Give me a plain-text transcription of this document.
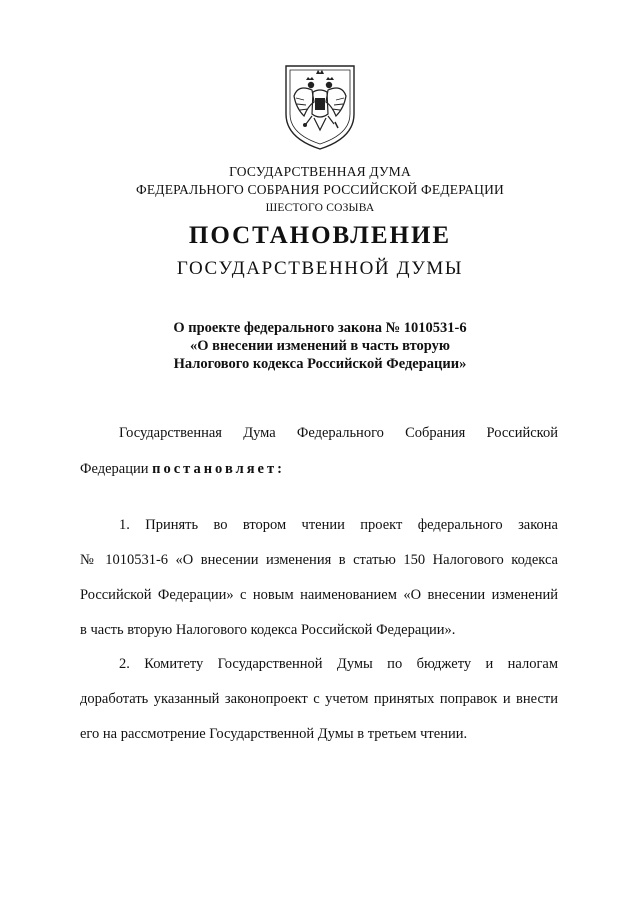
ГОСУДАРСТВЕННАЯ ДУМА
ФЕДЕРАЛЬНОГО СОБРАНИЯ РОССИЙСКОЙ ФЕДЕРАЦИИ
ШЕСТОГО СОЗЫВА
ПОСТАНОВЛЕНИЕ
ГОСУДАРСТВЕННОЙ ДУМЫ
О проекте федерального закона № 1010531-6
«О внесении изменений в часть вторую
Налогового кодекса Российской Федерации»
Государственная Дума Федерального Собрания Российской
Федерации постановляет:
1. Принять во втором чтении проект федерального закона
№ 1010531-6 «О внесении изменения в статью 150 Налогового кодекса
Российской Федерации» с новым наименованием «О внесении изменений
в часть вторую Налогового кодекса Российской Федерации».
2. Комитету Государственной Думы по бюджету и налогам
доработать указанный законопроект с учетом принятых поправок и внести
его на рассмотрение Государственной Думы в третьем чтении.
